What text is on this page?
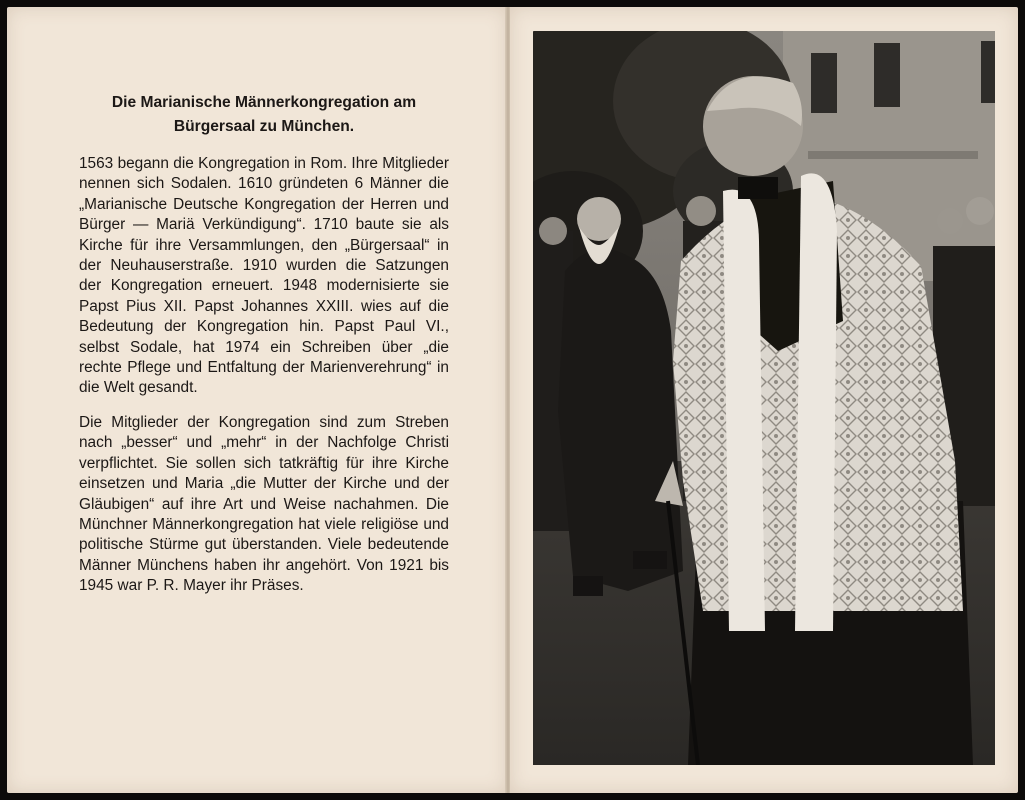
Die Marianische Männerkongregation am
Bürgersaal zu München.

1563 begann die Kongregation in Rom. Ihre Mitglieder nennen sich Sodalen. 1610 gründeten 6 Männer die „Marianische Deutsche Kongregation der Herren und Bürger — Mariä Verkündigung“. 1710 baute sie als Kirche für ihre Versammlungen, den „Bürgersaal“ in der Neuhauserstraße. 1910 wurden die Satzungen der Kongregation erneuert. 1948 modernisierte sie Papst Pius XII. Papst Johannes XXIII. wies auf die Bedeutung der Kongregation hin. Papst Paul VI., selbst Sodale, hat 1974 ein Schreiben über „die rechte Pflege und Entfaltung der Marienverehrung“ in die Welt gesandt.

Die Mitglieder der Kongregation sind zum Streben nach „besser“ und „mehr“ in der Nachfolge Christi verpflichtet. Sie sollen sich tatkräftig für ihre Kirche einsetzen und Maria „die Mutter der Kirche und der Gläubigen“ auf ihre Art und Weise nachahmen. Die Münchner Männerkongregation hat viele religiöse und politische Stürme gut überstanden. Viele bedeutende Männer Münchens haben ihr angehört. Von 1921 bis 1945 war P. R. Mayer ihr Präses.
